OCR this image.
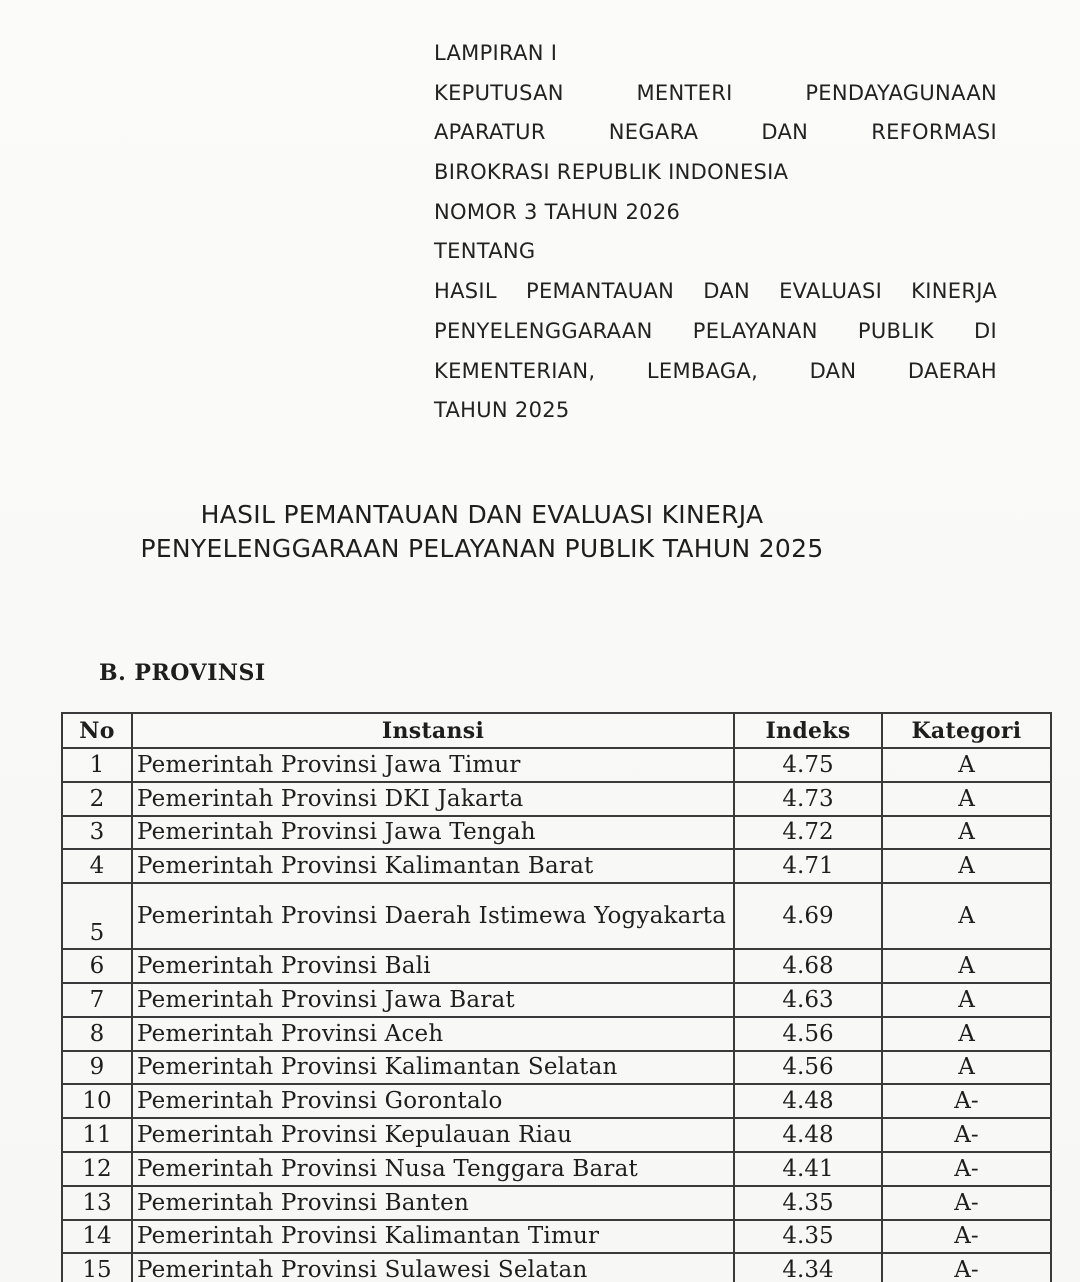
LAMPIRAN I
KEPUTUSAN MENTERI PENDAYAGUNAAN
APARATUR NEGARA DAN REFORMASI
BIROKRASI REPUBLIK INDONESIA
NOMOR 3 TAHUN 2026
TENTANG
HASIL PEMANTAUAN DAN EVALUASI KINERJA
PENYELENGGARAAN PELAYANAN PUBLIK DI
KEMENTERIAN, LEMBAGA, DAN DAERAH
TAHUN 2025
HASIL PEMANTAUAN DAN EVALUASI KINERJA
PENYELENGGARAAN PELAYANAN PUBLIK TAHUN 2025
B. PROVINSI
No	Instansi	Indeks	Kategori
1	Pemerintah Provinsi Jawa Timur	4.75	A
2	Pemerintah Provinsi DKI Jakarta	4.73	A
3	Pemerintah Provinsi Jawa Tengah	4.72	A
4	Pemerintah Provinsi Kalimantan Barat	4.71	A
5	Pemerintah Provinsi Daerah Istimewa Yogyakarta	4.69	A
6	Pemerintah Provinsi Bali	4.68	A
7	Pemerintah Provinsi Jawa Barat	4.63	A
8	Pemerintah Provinsi Aceh	4.56	A
9	Pemerintah Provinsi Kalimantan Selatan	4.56	A
10	Pemerintah Provinsi Gorontalo	4.48	A-
11	Pemerintah Provinsi Kepulauan Riau	4.48	A-
12	Pemerintah Provinsi Nusa Tenggara Barat	4.41	A-
13	Pemerintah Provinsi Banten	4.35	A-
14	Pemerintah Provinsi Kalimantan Timur	4.35	A-
15	Pemerintah Provinsi Sulawesi Selatan	4.34	A-
